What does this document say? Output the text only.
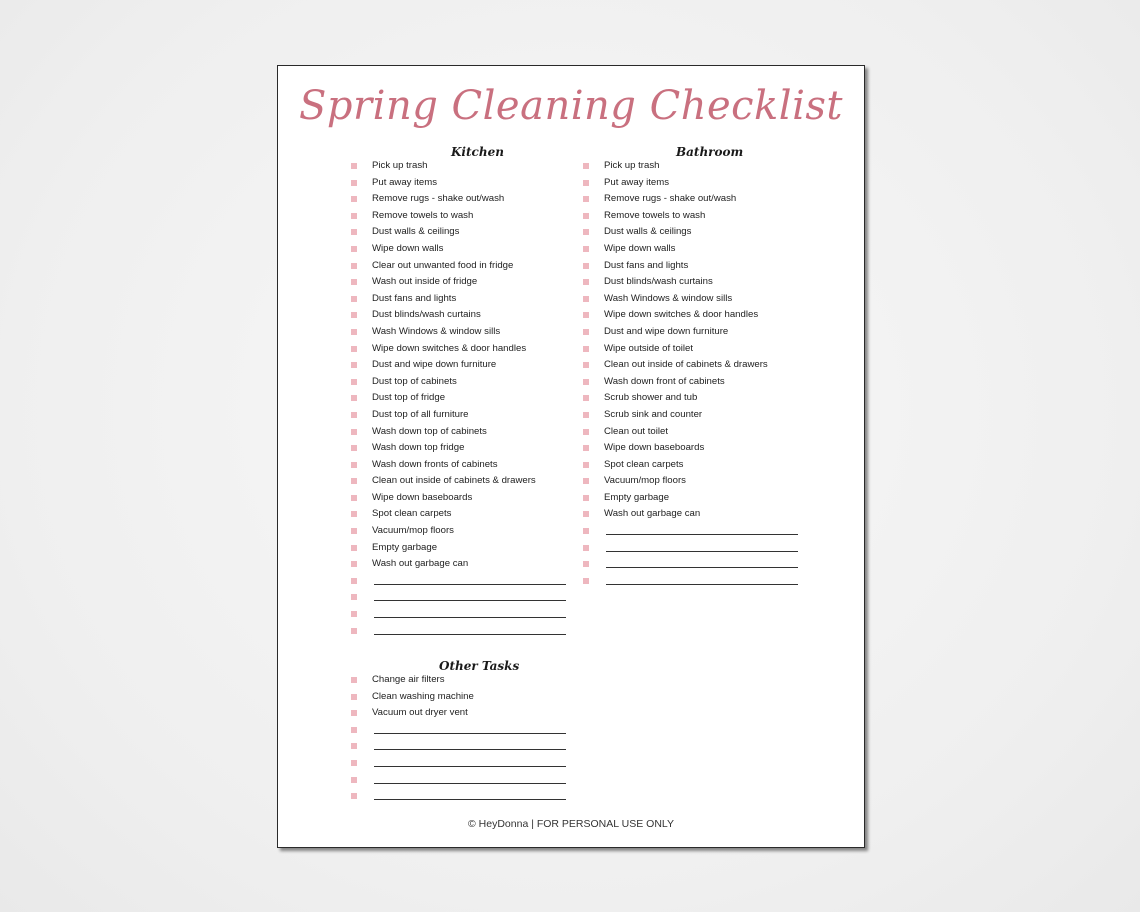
Spring Cleaning Checklist
Kitchen
Pick up trash
Put away items
Remove rugs - shake out/wash
Remove towels to wash
Dust walls & ceilings
Wipe down walls
Clear out unwanted food in fridge
Wash out inside of fridge
Dust fans and lights
Dust blinds/wash curtains
Wash Windows & window sills
Wipe down switches & door handles
Dust and wipe down furniture
Dust top of cabinets
Dust top of fridge
Dust top of all furniture
Wash down top of cabinets
Wash down top fridge
Wash down fronts of cabinets
Clean out inside of cabinets & drawers
Wipe down baseboards
Spot clean carpets
Vacuum/mop floors
Empty garbage
Wash out garbage can
Bathroom
Pick up trash
Put away items
Remove rugs - shake out/wash
Remove towels to wash
Dust walls & ceilings
Wipe down walls
Dust fans and lights
Dust blinds/wash curtains
Wash Windows & window sills
Wipe down switches & door handles
Dust and wipe down furniture
Wipe outside of toilet
Clean out inside of cabinets & drawers
Wash down front of cabinets
Scrub shower and tub
Scrub sink and counter
Clean out toilet
Wipe down baseboards
Spot clean carpets
Vacuum/mop floors
Empty garbage
Wash out garbage can
Other Tasks
Change air filters
Clean washing machine
Vacuum out dryer vent
© HeyDonna | FOR PERSONAL USE ONLY
